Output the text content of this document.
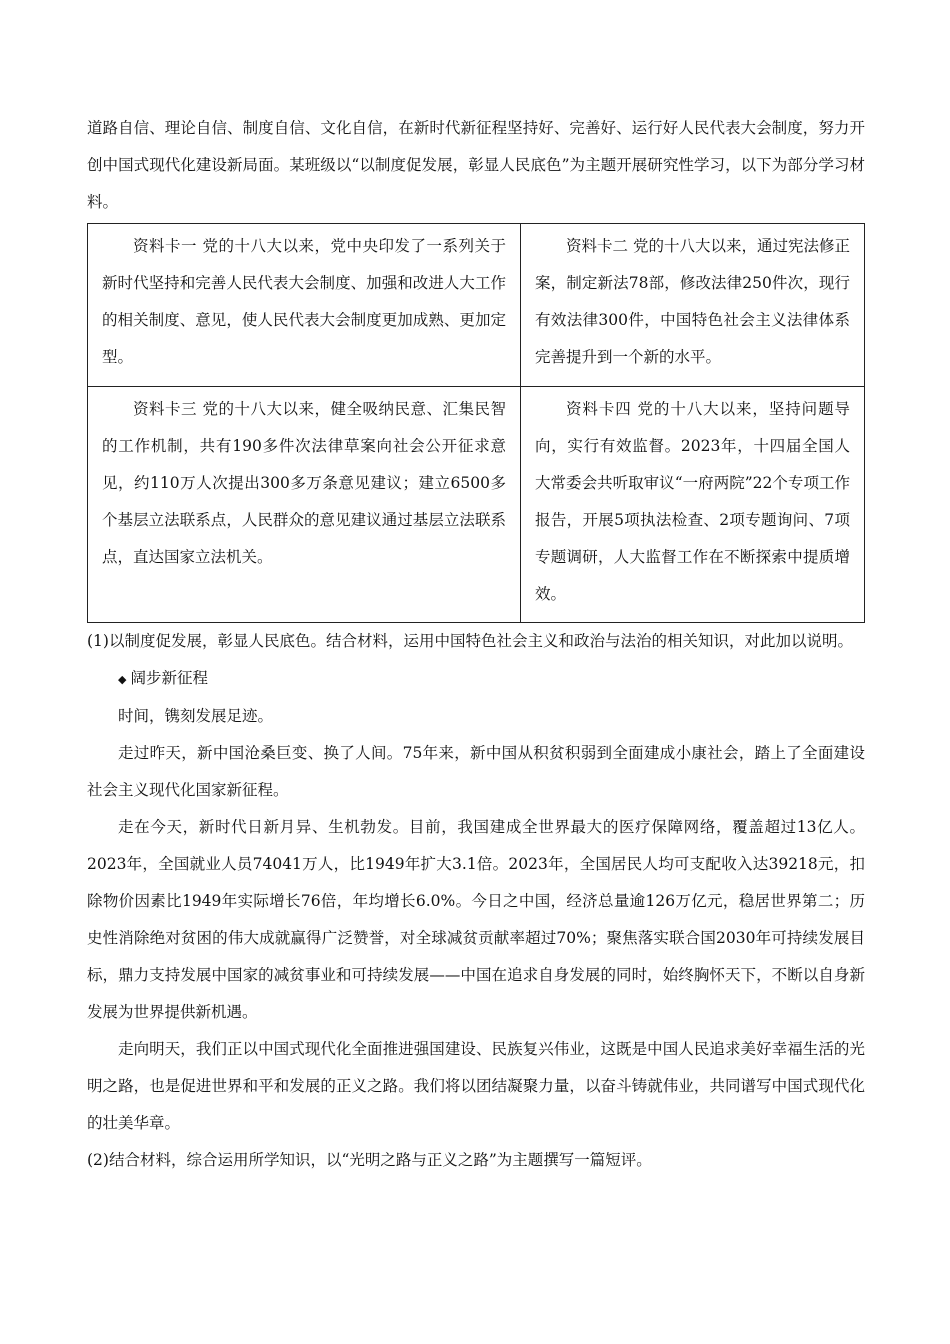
道路自信、理论自信、制度自信、文化自信，在新时代新征程坚持好、完善好、运行好人民代表大会制度，努力开创中国式现代化建设新局面。某班级以“以制度促发展，彰显人民底色”为主题开展研究性学习，以下为部分学习材料。

资料卡一 党的十八大以来，党中央印发了一系列关于新时代坚持和完善人民代表大会制度、加强和改进人大工作的相关制度、意见，使人民代表大会制度更加成熟、更加定型。	资料卡二 党的十八大以来，通过宪法修正案，制定新法78部，修改法律250件次，现行有效法律300件，中国特色社会主义法律体系完善提升到一个新的水平。
资料卡三 党的十八大以来，健全吸纳民意、汇集民智的工作机制，共有190多件次法律草案向社会公开征求意见，约110万人次提出300多万条意见建议；建立6500多个基层立法联系点，人民群众的意见建议通过基层立法联系点，直达国家立法机关。	资料卡四 党的十八大以来，坚持问题导向，实行有效监督。2023年，十四届全国人大常委会共听取审议“一府两院”22个专项工作报告，开展5项执法检查、2项专题询问、7项专题调研，人大监督工作在不断探索中提质增效。

(1)以制度促发展，彰显人民底色。结合材料，运用中国特色社会主义和政治与法治的相关知识，对此加以说明。

◆ 阔步新征程

时间，镌刻发展足迹。

走过昨天，新中国沧桑巨变、换了人间。75年来，新中国从积贫积弱到全面建成小康社会，踏上了全面建设社会主义现代化国家新征程。

走在今天，新时代日新月异、生机勃发。目前，我国建成全世界最大的医疗保障网络，覆盖超过13亿人。2023年，全国就业人员74041万人，比1949年扩大3.1倍。2023年，全国居民人均可支配收入达39218元，扣除物价因素比1949年实际增长76倍，年均增长6.0%。今日之中国，经济总量逾126万亿元，稳居世界第二；历史性消除绝对贫困的伟大成就赢得广泛赞誉，对全球减贫贡献率超过70%；聚焦落实联合国2030年可持续发展目标，鼎力支持发展中国家的减贫事业和可持续发展——中国在追求自身发展的同时，始终胸怀天下，不断以自身新发展为世界提供新机遇。

走向明天，我们正以中国式现代化全面推进强国建设、民族复兴伟业，这既是中国人民追求美好幸福生活的光明之路，也是促进世界和平和发展的正义之路。我们将以团结凝聚力量，以奋斗铸就伟业，共同谱写中国式现代化的壮美华章。

(2)结合材料，综合运用所学知识，以“光明之路与正义之路”为主题撰写一篇短评。
